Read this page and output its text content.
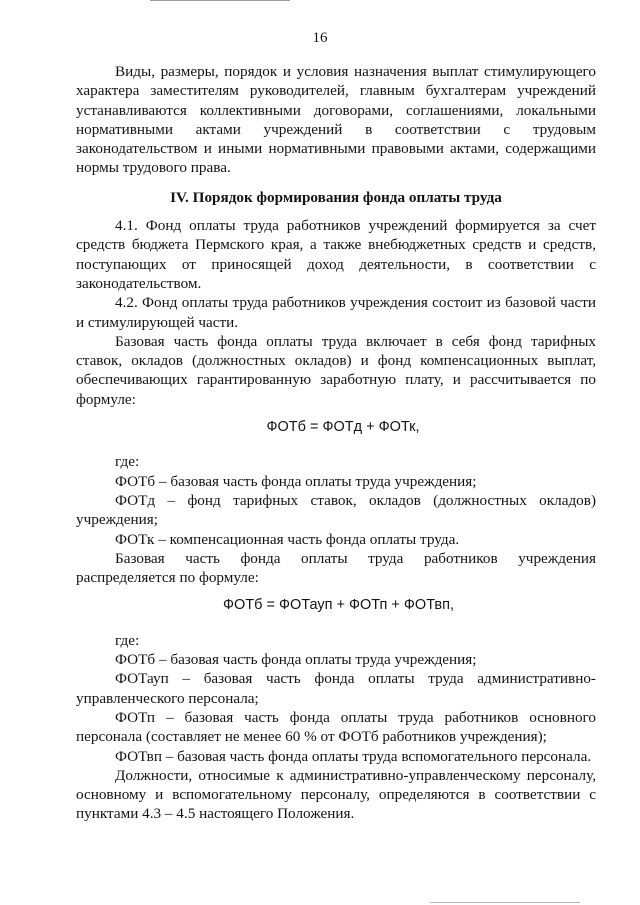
16

Виды, размеры, порядок и условия назначения выплат стимулирующего характера заместителям руководителей, главным бухгалтерам учреждений устанавливаются коллективными договорами, соглашениями, локальными нормативными актами учреждений в соответствии с трудовым законодательством и иными нормативными правовыми актами, содержащими нормы трудового права.

IV. Порядок формирования фонда оплаты труда

4.1. Фонд оплаты труда работников учреждений формируется за счет средств бюджета Пермского края, а также внебюджетных средств и средств, поступающих от приносящей доход деятельности, в соответствии с законодательством.

4.2. Фонд оплаты труда работников учреждения состоит из базовой части и стимулирующей части.

Базовая часть фонда оплаты труда включает в себя фонд тарифных ставок, окладов (должностных окладов) и фонд компенсационных выплат, обеспечивающих гарантированную заработную плату, и рассчитывается по формуле:

ФОТб = ФОТд + ФОТк,

где:

ФОТб – базовая часть фонда оплаты труда учреждения;

ФОТд – фонд тарифных ставок, окладов (должностных окладов) учреждения;

ФОТк – компенсационная часть фонда оплаты труда.

Базовая часть фонда оплаты труда работников учреждения распределяется по формуле:

ФОТб = ФОТауп + ФОТп + ФОТвп,

где:

ФОТб – базовая часть фонда оплаты труда учреждения;

ФОТауп – базовая часть фонда оплаты труда административно-управленческого персонала;

ФОТп – базовая часть фонда оплаты труда работников основного персонала (составляет не менее 60 % от ФОТб работников учреждения);

ФОТвп – базовая часть фонда оплаты труда вспомогательного персонала.

Должности, относимые к административно-управленческому персоналу, основному и вспомогательному персоналу, определяются в соответствии с пунктами 4.3 – 4.5 настоящего Положения.
